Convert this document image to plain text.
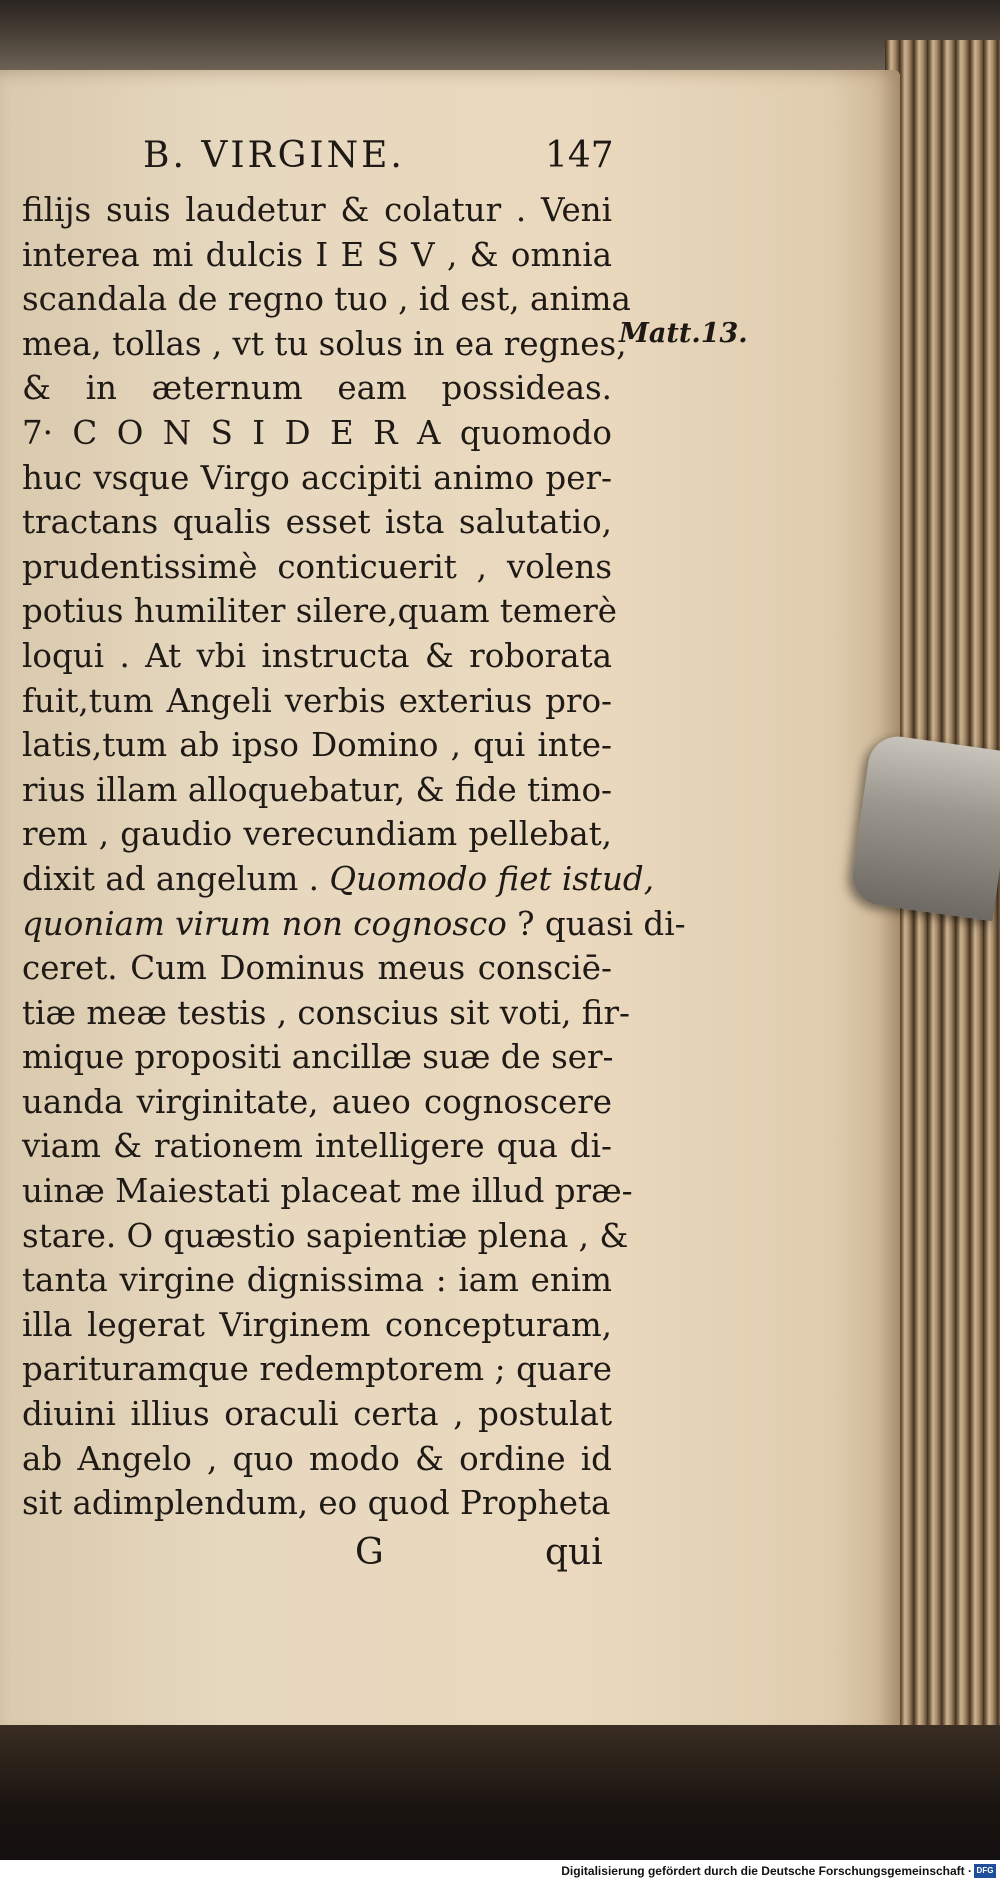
B. VIRGINE.	147
Matt.13.
filijs suis laudetur & colatur . Veni
interea mi dulcis I E S V , & omnia
scandala de regno tuo , id est, anima
mea, tollas , vt tu solus in ea regnes,
& in æternum eam possideas.
7· C O N S I D E R A quomodo
huc vsque Virgo accipiti animo per-
tractans qualis esset ista salutatio,
prudentissimè conticuerit , volens
potius humiliter silere,quam temerè
loqui . At vbi instructa & roborata
fuit,tum Angeli verbis exterius pro-
latis,tum ab ipso Domino , qui inte-
rius illam alloquebatur, & fide timo-
rem , gaudio verecundiam pellebat,
dixit ad angelum . Quomodo fiet istud,
quoniam virum non cognosco ? quasi di-
ceret. Cum Dominus meus consciē-
tiæ meæ testis , conscius sit voti, fir-
mique propositi ancillæ suæ de ser-
uanda virginitate, aueo cognoscere
viam & rationem intelligere qua di-
uinæ Maiestati placeat me illud præ-
stare. O quæstio sapientiæ plena , &
tanta virgine dignissima : iam enim
illa legerat Virginem concepturam,
parituramque redemptorem ; quare
diuini illius oraculi certa , postulat
ab Angelo , quo modo & ordine id
sit adimplendum, eo quod Propheta
G	qui
Digitalisierung gefördert durch die Deutsche Forschungsgemeinschaft · DFG
